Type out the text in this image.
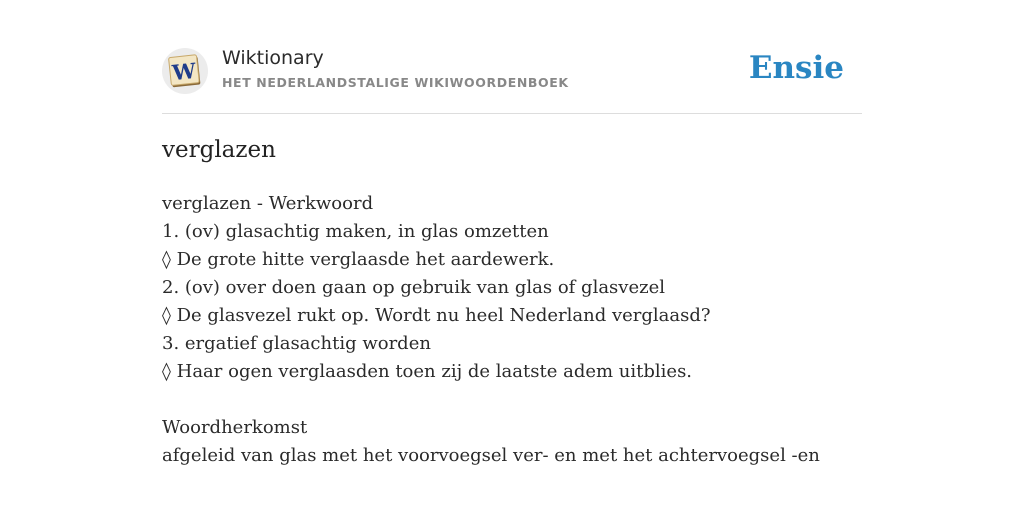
W Wiktionary
HET NEDERLANDSTALIGE WIKIWOORDENBOEK	Ensie
verglazen
verglazen - Werkwoord
1. (ov) glasachtig maken, in glas omzetten
◊ De grote hitte verglaasde het aardewerk.
2. (ov) over doen gaan op gebruik van glas of glasvezel
◊ De glasvezel rukt op. Wordt nu heel Nederland verglaasd?
3. ergatief glasachtig worden
◊ Haar ogen verglaasden toen zij de laatste adem uitblies.
Woordherkomst
afgeleid van glas met het voorvoegsel ver- en met het achtervoegsel -en
